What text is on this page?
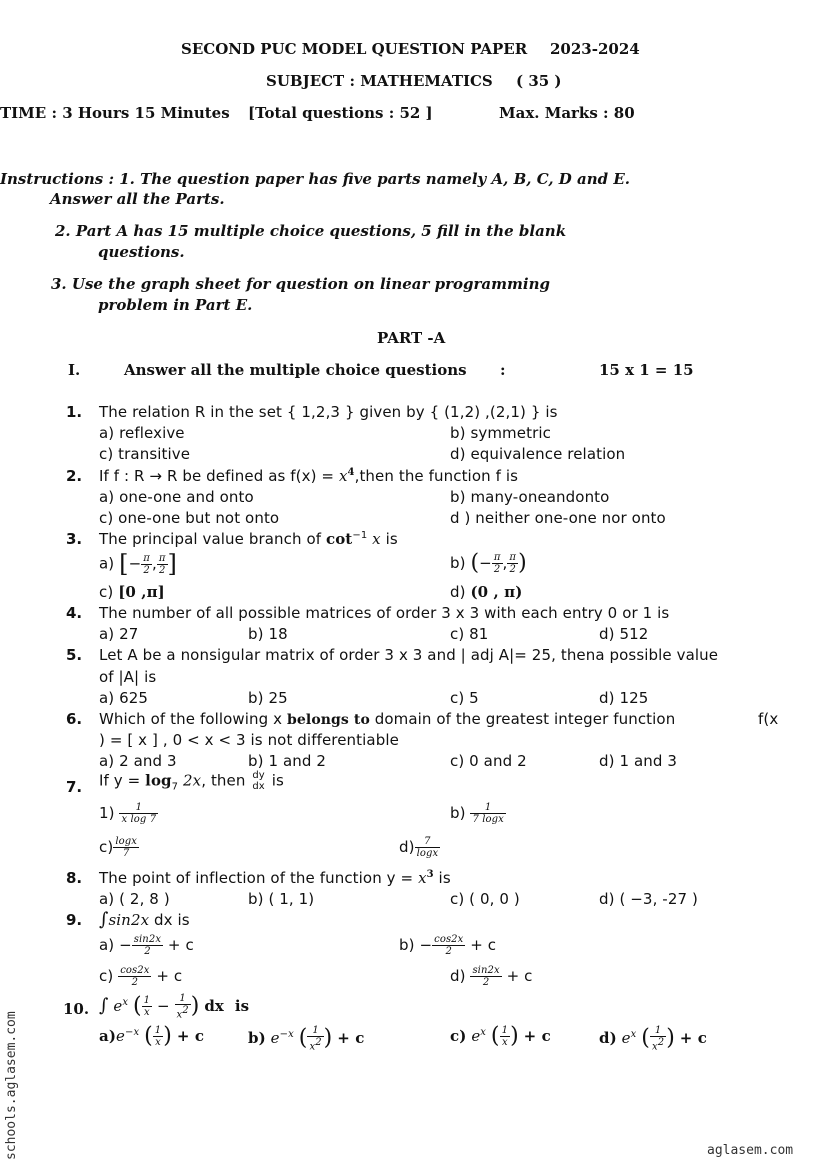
SECOND PUC MODEL QUESTION PAPER 2023-2024
SUBJECT : MATHEMATICS ( 35 )
TIME : 3 Hours 15 Minutes [Total questions : 52 ]	Max. Marks : 80
Instructions : 1. The question paper has five parts namely A, B, C, D and E.
Answer all the Parts.
2. Part A has 15 multiple choice questions, 5 fill in the blank
questions.
3. Use the graph sheet for question on linear programming
problem in Part E.
PART -A
I.	Answer all the multiple choice questions :	15 x 1 = 15
1. The relation R in the set { 1,2,3 } given by { (1,2) ,(2,1) } is
a) reflexive	b) symmetric
c) transitive	d) equivalence relation
2. If f : R → R be defined as $f(x) = x^4,then$ the function f is
a) one-one and onto	b) many-oneandonto
c) one-one but not onto	d ) neither one-one nor onto
3. The principal value branch of $\cot^{-1} x$ is
a) [− $\frac{\pi}{2}$ , $\frac{\pi}{2}$ ]	b) (− $\frac{\pi}{2}$ , $\frac{\pi}{2}$ )
c) [0 ,π]	d) (0 , π)
4. The number of all possible matrices of order 3 x 3 with each entry 0 or 1 is
a) 27	b) 18	c) 81	d) 512
5. Let A be a nonsigular matrix of order 3 x 3 and | adj A|= 25, thena possible value
of |A| is
a) 625	b) 25	c) 5	d) 125
6. Which of the following x belongs to domain of the greatest integer function	f(x
) = [ x ] , 0 < x < 3 is not differentiable
a) 2 and 3	b) 1 and 2	c) 0 and 2	d) 1 and 3
7. If $y = \log_7 2x$, then dy
dx is
$1) \frac{1}{\text{x log 7}}$	$b) \frac{1}{7 \log x}$
$c) \frac{\log x}{7}$	$d) \frac{7}{\log x}$
8. The point of inflection of the function $y = x^3$ is
a) ( 2, 8 )	b) ( 1, 1)	c) ( 0, 0 )	d) ( −3, -27 )
9. ∫sin2x dx is
$a) - \frac{\sin 2x}{2} + c$	$b) - \frac{\cos 2x}{2} + c$
$c) \frac{\cos 2x}{2} + c$	$d) \frac{\sin 2x}{2} + c$
10. ∫ $e^x$ ( $\frac{1}{x} - \frac{1}{x^2}$ ) dx is
$a)e^{-x}$ ( $\frac{1}{x}$ ) + c	b) $e^{-x}$ ( $\frac{1}{x^2}$ ) + c	c) $e^x$ ( $\frac{1}{x}$ ) + c	d) $e^x$ ( $\frac{1}{x^2}$ ) + c
schools.aglasem.com	aglasem.com
